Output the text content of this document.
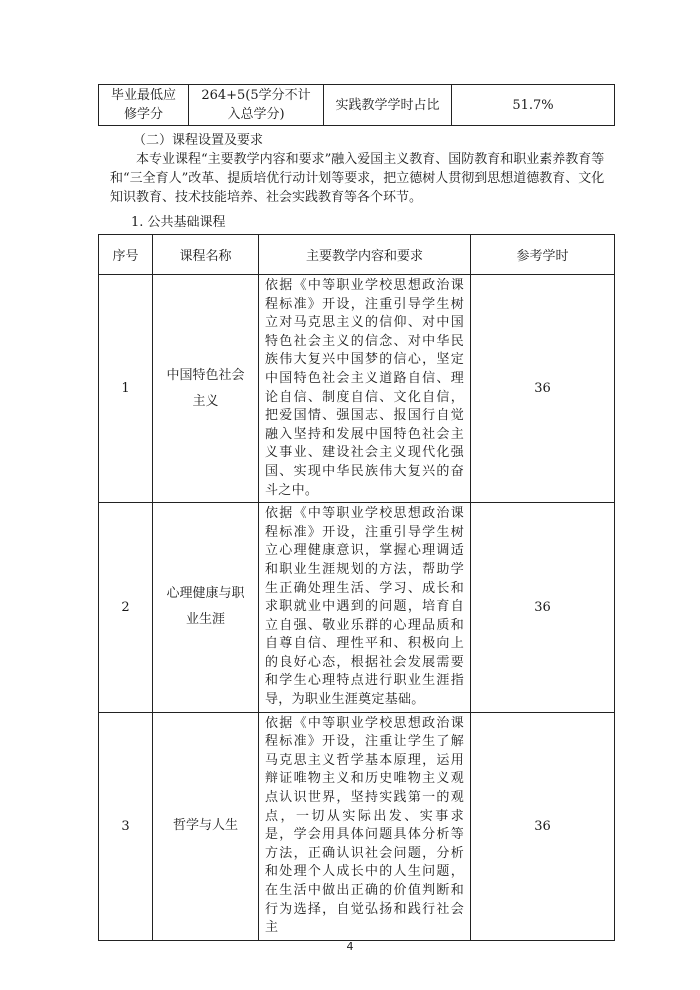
毕业最低应修学分	264+5(5学分不计入总学分)	实践教学学时占比	51.7%
（二）课程设置及要求

本专业课程“主要教学内容和要求”融入爱国主义教育、国防教育和职业素养教育等和“三全育人”改革、提质培优行动计划等要求，把立德树人贯彻到思想道德教育、文化知识教育、技术技能培养、社会实践教育等各个环节。

1. 公共基础课程
序号	课程名称	主要教学内容和要求	参考学时
1	中国特色社会主义	依据《中等职业学校思想政治课程标准》开设，注重引导学生树立对马克思主义的信仰、对中国特色社会主义的信念、对中华民族伟大复兴中国梦的信心，坚定中国特色社会主义道路自信、理论自信、制度自信、文化自信，把爱国情、强国志、报国行自觉融入坚持和发展中国特色社会主义事业、建设社会主义现代化强国、实现中华民族伟大复兴的奋斗之中。	36
2	心理健康与职业生涯	依据《中等职业学校思想政治课程标准》开设，注重引导学生树立心理健康意识，掌握心理调适和职业生涯规划的方法，帮助学生正确处理生活、学习、成长和求职就业中遇到的问题，培育自立自强、敬业乐群的心理品质和自尊自信、理性平和、积极向上的良好心态，根据社会发展需要和学生心理特点进行职业生涯指导，为职业生涯奠定基础。	36
3	哲学与人生	依据《中等职业学校思想政治课程标准》开设，注重让学生了解马克思主义哲学基本原理，运用辩证唯物主义和历史唯物主义观点认识世界，坚持实践第一的观点，一切从实际出发、实事求是，学会用具体问题具体分析等方法，正确认识社会问题，分析和处理个人成长中的人生问题，在生活中做出正确的价值判断和行为选择，自觉弘扬和践行社会主	36
4
